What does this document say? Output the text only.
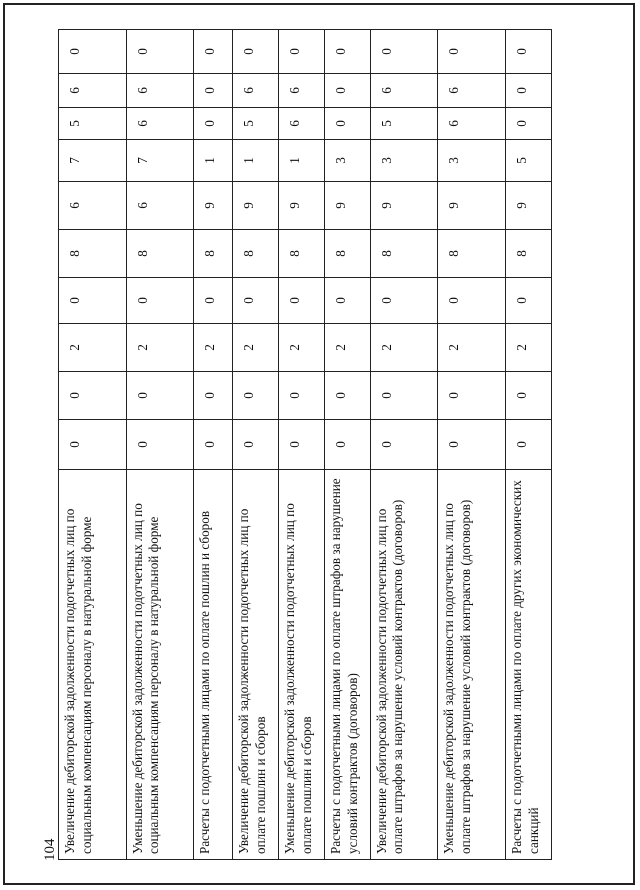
104 Увеличение дебиторской задолженности подотчетных лиц по социальным компенсациям персоналу в натуральной форме	0	0	2	0	8	6	7	5	6	0
Уменьшение дебиторской задолженности подотчетных лиц по социальным компенсациям персоналу в натуральной форме	0	0	2	0	8	6	7	6	6	0
Расчеты с подотчетными лицами по оплате пошлин и сборов	0	0	2	0	8	9	1	0	0	0
Увеличение дебиторской задолженности подотчетных лиц по оплате пошлин и сборов	0	0	2	0	8	9	1	5	6	0
Уменьшение дебиторской задолженности подотчетных лиц по оплате пошлин и сборов	0	0	2	0	8	9	1	6	6	0
Расчеты с подотчетными лицами по оплате штрафов за нарушение условий контрактов (договоров)	0	0	2	0	8	9	3	0	0	0
Увеличение дебиторской задолженности подотчетных лиц по оплате штрафов за нарушение условий контрактов (договоров)	0	0	2	0	8	9	3	5	6	0
Уменьшение дебиторской задолженности подотчетных лиц по оплате штрафов за нарушение условий контрактов (договоров)	0	0	2	0	8	9	3	6	6	0
Расчеты с подотчетными лицами по оплате других экономических санкций	0	0	2	0	8	9	5	0	0	0
